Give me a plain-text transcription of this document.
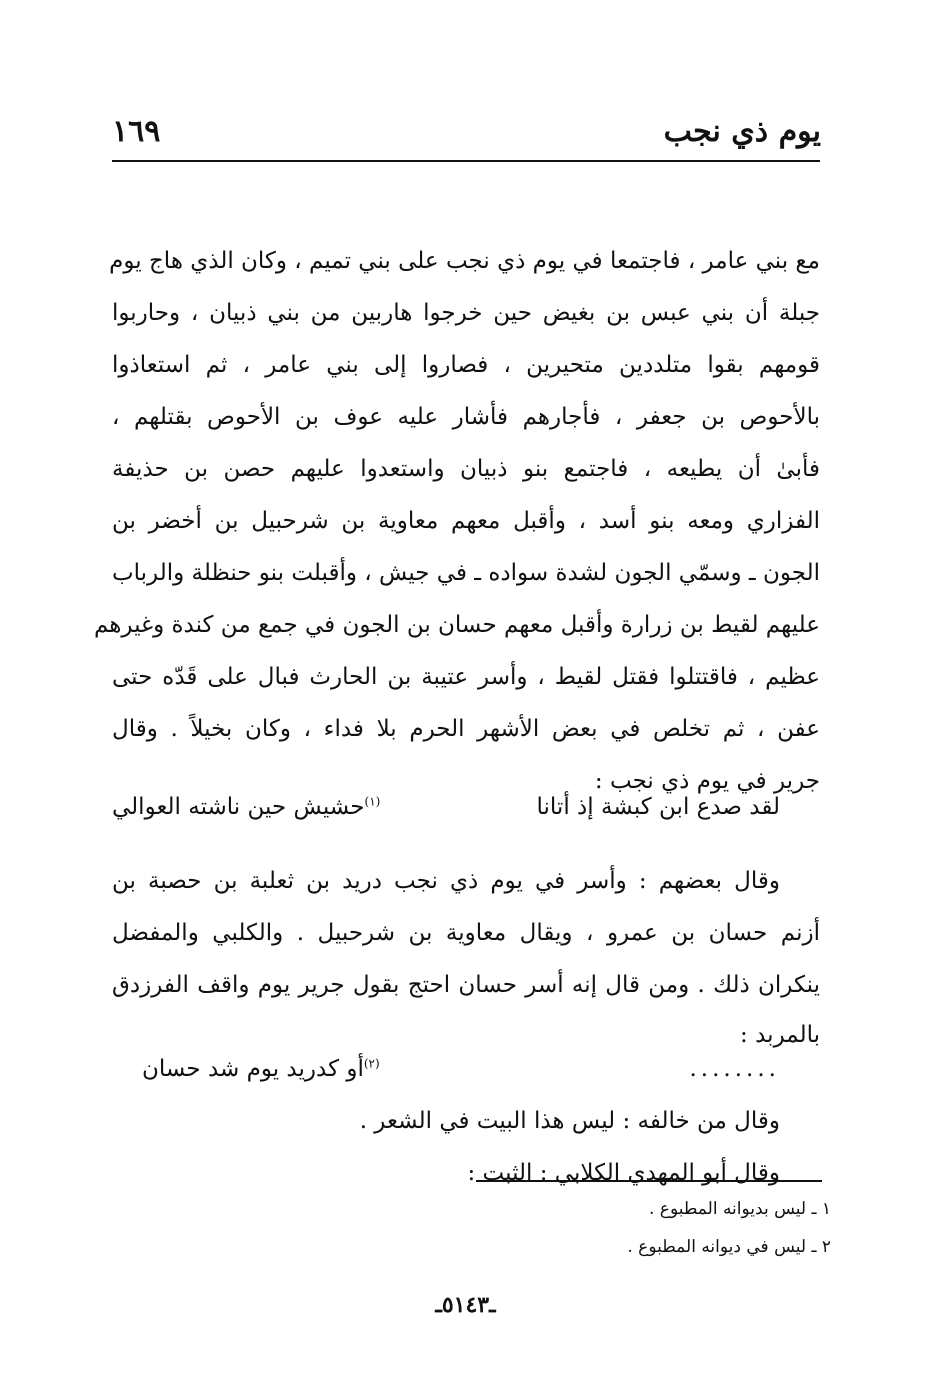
يوم ذي نجب
١٦٩
مع بني عامر ، فاجتمعا في يوم ذي نجب على بني تميم ، وكان الذي هاج يوم
جبلة أن بني عبس بن بغيض حين خرجوا هاربين من بني ذبيان ، وحاربوا
قومهم بقوا متلددين متحيرين ، فصاروا إلى بني عامر ، ثم استعاذوا
بالأحوص بن جعفر ، فأجارهم فأشار عليه عوف بن الأحوص بقتلهم ،
فأبىٰ أن يطيعه ، فاجتمع بنو ذبيان واستعدوا عليهم حصن بن حذيفة
الفزاري ومعه بنو أسد ، وأقبل معهم معاوية بن شرحبيل بن أخضر بن
الجون ـ وسمّي الجون لشدة سواده ـ في جيش ، وأقبلت بنو حنظلة والرباب
عليهم لقيط بن زرارة وأقبل معهم حسان بن الجون في جمع من كندة وغيرهم
عظيم ، فاقتتلوا فقتل لقيط ، وأسر عتيبة بن الحارث فبال على قَدّه حتى
عفن ، ثم تخلص في بعض الأشهر الحرم بلا فداء ، وكان بخيلاً . وقال
جرير في يوم ذي نجب :
لقد صدع ابن كبشة إذ أتانا
$^{(١)}$حشيش حين ناشته العوالي
وقال بعضهم : وأسر في يوم ذي نجب دريد بن ثعلبة بن حصبة بن
أزنم حسان بن عمرو ، ويقال معاوية بن شرحبيل . والكلبي والمفضل
ينكران ذلك . ومن قال إنه أسر حسان احتج بقول جرير يوم واقف الفرزدق
بالمربد :
........
$^{(٢)}$أو كدريد يوم شد حسان
وقال من خالفه : ليس هذا البيت في الشعر .
وقال أبو المهدي الكلابي : الثبت :
١ ـ ليس بديوانه المطبوع .
٢ ـ ليس في ديوانه المطبوع .
ـ٥١٤٣ـ
